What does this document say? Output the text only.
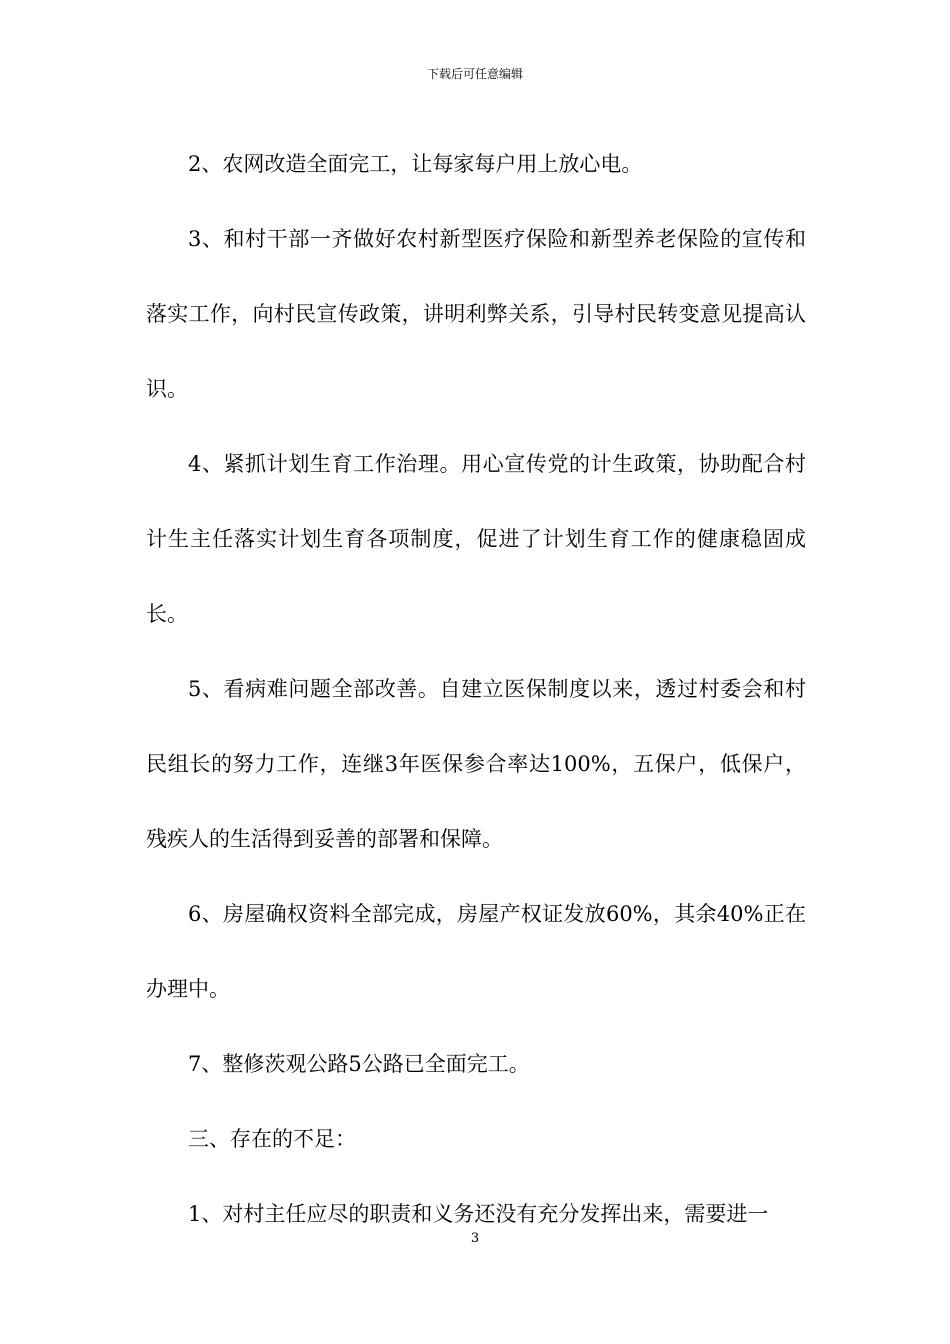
下载后可任意编辑

2、农网改造全面完工，让每家每户用上放心电。

3、和村干部一齐做好农村新型医疗保险和新型养老保险的宣传和落实工作，向村民宣传政策，讲明利弊关系，引导村民转变意见提高认识。

4、紧抓计划生育工作治理。用心宣传党的计生政策，协助配合村计生主任落实计划生育各项制度，促进了计划生育工作的健康稳固成长。

5、看病难问题全部改善。自建立医保制度以来，透过村委会和村民组长的努力工作，连继3年医保参合率达100%，五保户，低保户，残疾人的生活得到妥善的部署和保障。

6、房屋确权资料全部完成，房屋产权证发放60%，其余40%正在办理中。

7、整修茨观公路5公路已全面完工。

三、存在的不足：

1、对村主任应尽的职责和义务还没有充分发挥出来，需要进一

3
